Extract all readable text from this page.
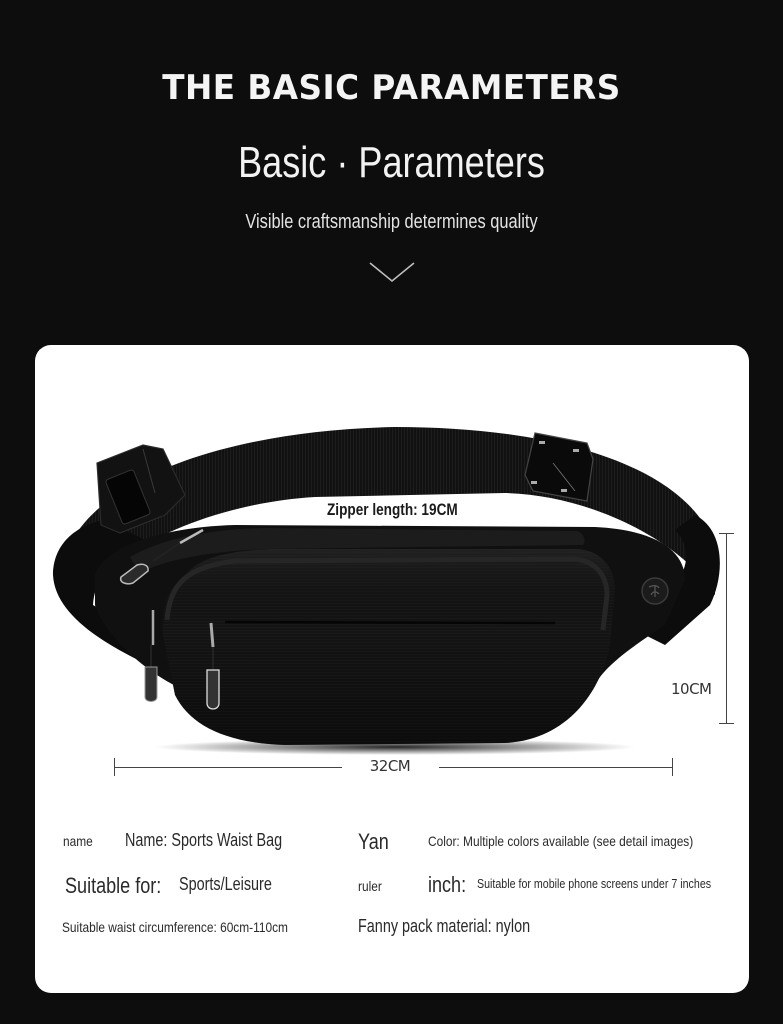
THE BASIC PARAMETERS
Basic · Parameters
Visible craftsmanship determines quality
Zipper length: 19CM
32CM
10CM
name Name: Sports Waist Bag	Yan	Color: Multiple colors available (see detail images)
Suitable for: Sports/Leisure	ruler inch: Suitable for mobile phone screens under 7 inches
Suitable waist circumference: 60cm-110cm	Fanny pack material: nylon
